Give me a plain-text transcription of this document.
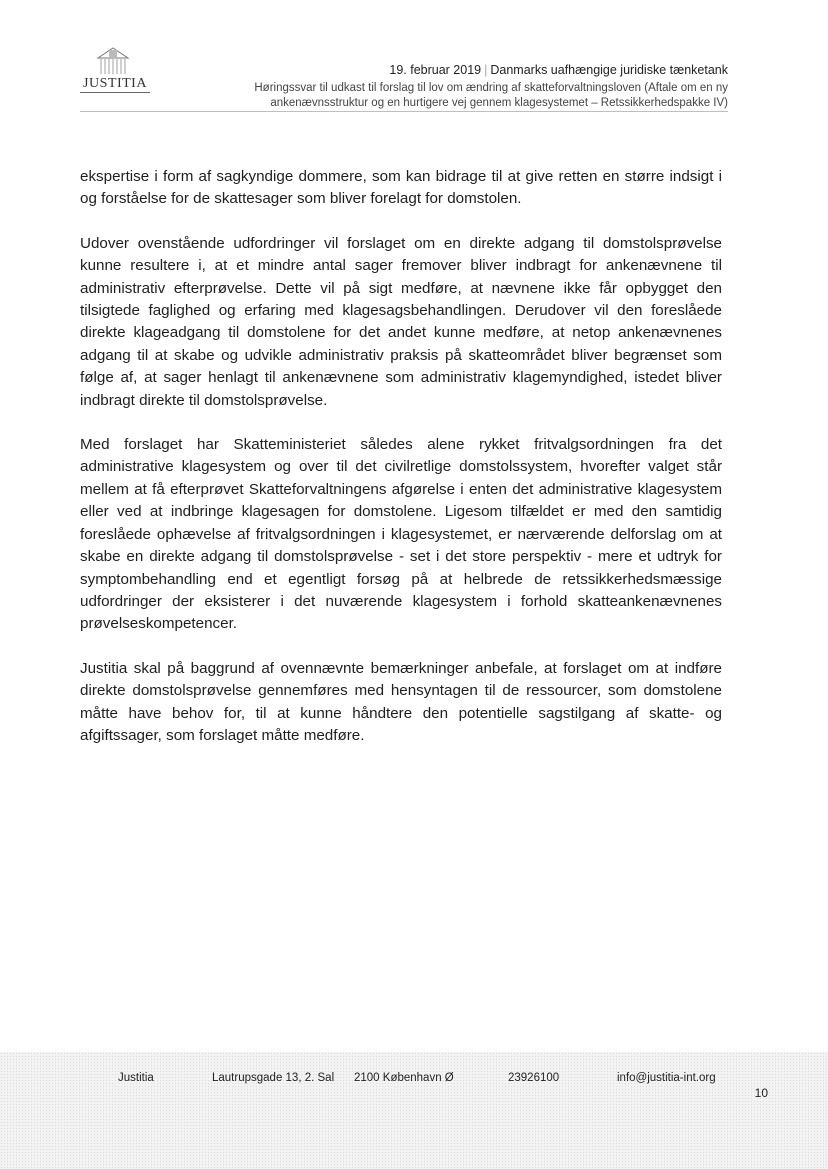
JUSTITIA
19. februar 2019 | Danmarks uafhængige juridiske tænketank
Høringssvar til udkast til forslag til lov om ændring af skatteforvaltningsloven (Aftale om en ny
ankenævnsstruktur og en hurtigere vej gennem klagesystemet – Retssikkerhedspakke IV)

ekspertise i form af sagkyndige dommere, som kan bidrage til at give retten en større indsigt i og forståelse for de skattesager som bliver forelagt for domstolen.

Udover ovenstående udfordringer vil forslaget om en direkte adgang til domstolsprøvelse kunne resultere i, at et mindre antal sager fremover bliver indbragt for ankenævnene til administrativ efterprøvelse. Dette vil på sigt medføre, at nævnene ikke får opbygget den tilsigtede faglighed og erfaring med klagesagsbehandlingen. Derudover vil den foreslåede direkte klageadgang til domstolene for det andet kunne medføre, at netop ankenævnenes adgang til at skabe og udvikle administrativ praksis på skatteområdet bliver begrænset som følge af, at sager henlagt til ankenævnene som administrativ klagemyndighed, istedet bliver indbragt direkte til domstolsprøvelse.

Med forslaget har Skatteministeriet således alene rykket fritvalgsordningen fra det administrative klagesystem og over til det civilretlige domstolssystem, hvorefter valget står mellem at få efterprøvet Skatteforvaltningens afgørelse i enten det administrative klagesystem eller ved at indbringe klagesagen for domstolene. Ligesom tilfældet er med den samtidig foreslåede ophævelse af fritvalgsordningen i klagesystemet, er nærværende delforslag om at skabe en direkte adgang til domstolsprøvelse - set i det store perspektiv - mere et udtryk for symptombehandling end et egentligt forsøg på at helbrede de retssikkerhedsmæssige udfordringer der eksisterer i det nuværende klagesystem i forhold skatteankenævnenes prøvelseskompetencer.

Justitia skal på baggrund af ovennævnte bemærkninger anbefale, at forslaget om at indføre direkte domstolsprøvelse gennemføres med hensyntagen til de ressourcer, som domstolene måtte have behov for, til at kunne håndtere den potentielle sagstilgang af skatte- og afgiftssager, som forslaget måtte medføre.

Justitia	Lautrupsgade 13, 2. Sal 2100 København Ø	23926100	info@justitia-int.org
10
